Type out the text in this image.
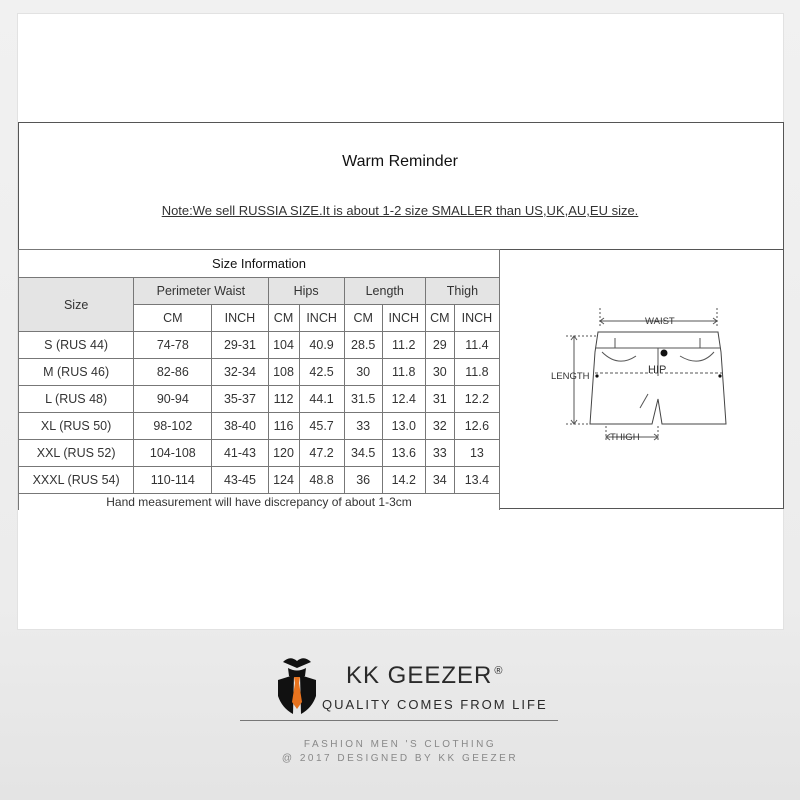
Warm Reminder
Note:We sell RUSSIA SIZE.It is about 1-2 size SMALLER than US,UK,AU,EU size.
Size Information								
Size	Perimeter Waist		Hips		Length		Thigh	
	CM	INCH	CM	INCH	CM	INCH	CM	INCH
S (RUS 44)	74-78	29-31	104	40.9	28.5	11.2	29	11.4
M (RUS 46)	82-86	32-34	108	42.5	30	11.8	30	11.8
L (RUS 48)	90-94	35-37	112	44.1	31.5	12.4	31	12.2
XL (RUS 50)	98-102	38-40	116	45.7	33	13.0	32	12.6
XXL (RUS 52)	104-108	41-43	120	47.2	34.5	13.6	33	13
XXXL (RUS 54)	110-114	43-45	124	48.8	36	14.2	34	13.4
Hand measurement will have discrepancy of about 1-3cm								
WAIST
HIP
LENGTH
THIGH
KK GEEZER ®
QUALITY COMES FROM LIFE
FASHION MEN 'S CLOTHING
@ 2017 DESIGNED BY KK GEEZER
